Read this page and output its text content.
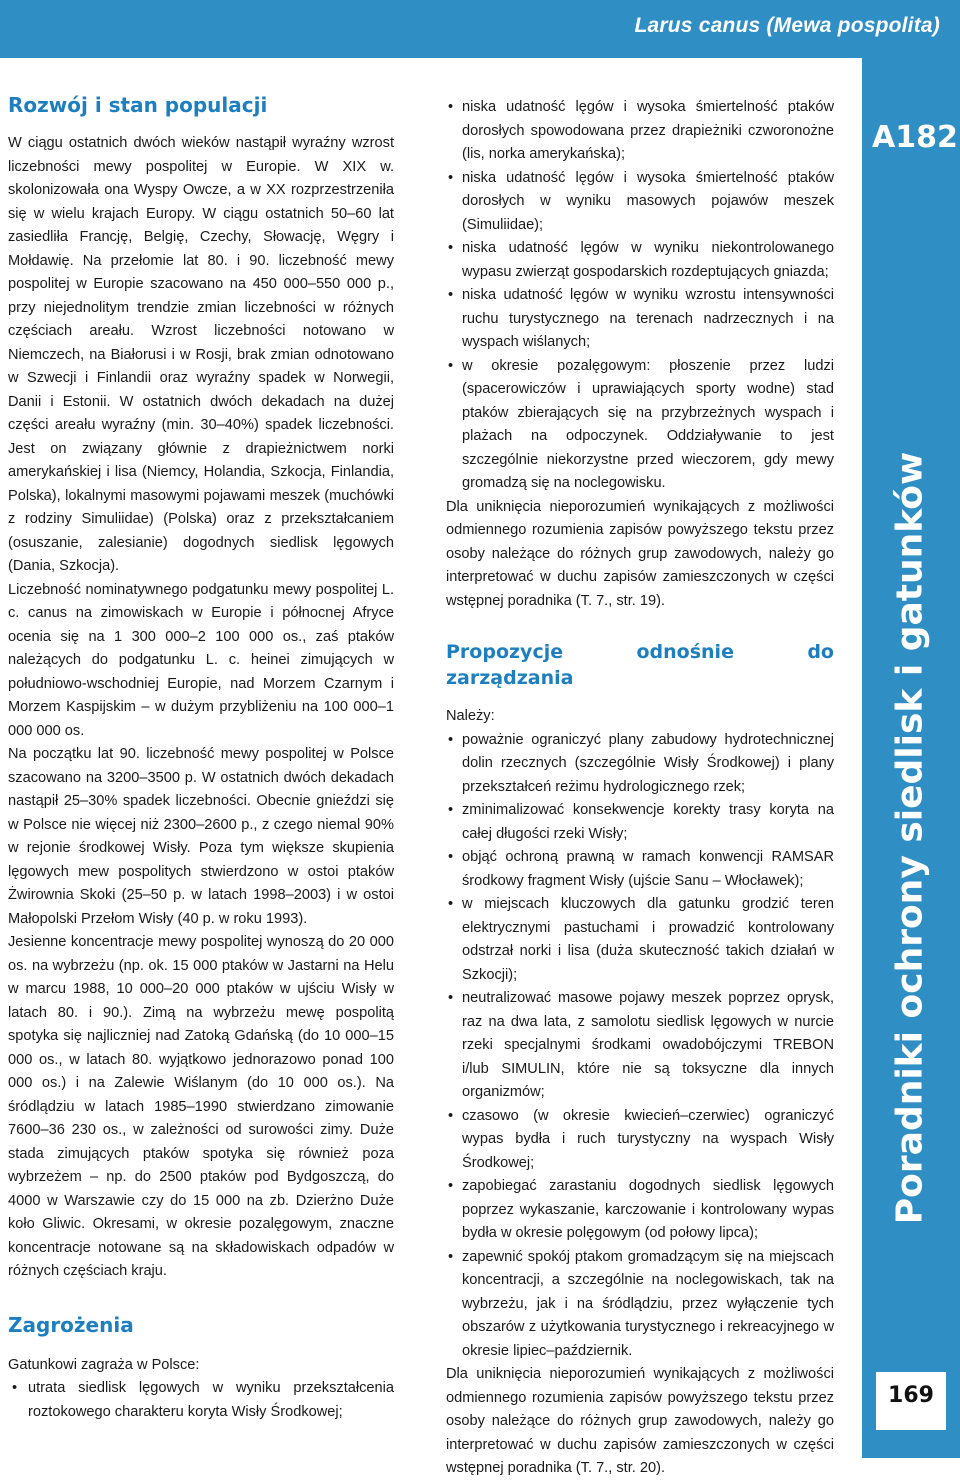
Larus canus (Mewa pospolita)
A182
Poradniki ochrony siedlisk i gatunków
169
Rozwój i stan populacji

W ciągu ostatnich dwóch wieków nastąpił wyraźny wzrost liczebności mewy pospolitej w Europie. W XIX w. skolonizowała ona Wyspy Owcze, a w XX rozprzestrzeniła się w wielu krajach Europy. W ciągu ostatnich 50–60 lat zasiedliła Francję, Belgię, Czechy, Słowację, Węgry i Mołdawię. Na przełomie lat 80. i 90. liczebność mewy pospolitej w Europie szacowano na 450 000–550 000 p., przy niejednolitym trendzie zmian liczebności w różnych częściach areału. Wzrost liczebności notowano w Niemczech, na Białorusi i w Rosji, brak zmian odnotowano w Szwecji i Finlandii oraz wyraźny spadek w Norwegii, Danii i Estonii. W ostatnich dwóch dekadach na dużej części areału wyraźny (min. 30–40%) spadek liczebności. Jest on związany głównie z drapieżnictwem norki amerykańskiej i lisa (Niemcy, Holandia, Szkocja, Finlandia, Polska), lokalnymi masowymi pojawami meszek (muchówki z rodziny Simuliidae) (Polska) oraz z przekształcaniem (osuszanie, zalesianie) dogodnych siedlisk lęgowych (Dania, Szkocja).

Liczebność nominatywnego podgatunku mewy pospolitej L. c. canus na zimowiskach w Europie i północnej Afryce ocenia się na 1 300 000–2 100 000 os., zaś ptaków należących do podgatunku L. c. heinei zimujących w południowo-wschodniej Europie, nad Morzem Czarnym i Morzem Kaspijskim – w dużym przybliżeniu na 100 000–1 000 000 os.

Na początku lat 90. liczebność mewy pospolitej w Polsce szacowano na 3200–3500 p. W ostatnich dwóch dekadach nastąpił 25–30% spadek liczebności. Obecnie gnieździ się w Polsce nie więcej niż 2300–2600 p., z czego niemal 90% w rejonie środkowej Wisły. Poza tym większe skupienia lęgowych mew pospolitych stwierdzono w ostoi ptaków Żwirownia Skoki (25–50 p. w latach 1998–2003) i w ostoi Małopolski Przełom Wisły (40 p. w roku 1993).

Jesienne koncentracje mewy pospolitej wynoszą do 20 000 os. na wybrzeżu (np. ok. 15 000 ptaków w Jastarni na Helu w marcu 1988, 10 000–20 000 ptaków w ujściu Wisły w latach 80. i 90.). Zimą na wybrzeżu mewę pospolitą spotyka się najliczniej nad Zatoką Gdańską (do 10 000–15 000 os., w latach 80. wyjątkowo jednorazowo ponad 100 000 os.) i na Zalewie Wiślanym (do 10 000 os.). Na śródlądziu w latach 1985–1990 stwierdzano zimowanie 7600–36 230 os., w zależności od surowości zimy. Duże stada zimujących ptaków spotyka się również poza wybrzeżem – np. do 2500 ptaków pod Bydgoszczą, do 4000 w Warszawie czy do 15 000 na zb. Dzierżno Duże koło Gliwic. Okresami, w okresie pozalęgowym, znaczne koncentracje notowane są na składowiskach odpadów w różnych częściach kraju.

Zagrożenia

Gatunkowi zagraża w Polsce:

• utrata siedlisk lęgowych w wyniku przekształcenia roztokowego charakteru koryta Wisły Środkowej;
• niska udatność lęgów i wysoka śmiertelność ptaków dorosłych spowodowana przez drapieżniki czworonożne (lis, norka amerykańska);
• niska udatność lęgów i wysoka śmiertelność ptaków dorosłych w wyniku masowych pojawów meszek (Simuliidae);
• niska udatność lęgów w wyniku niekontrolowanego wypasu zwierząt gospodarskich rozdeptujących gniazda;
• niska udatność lęgów w wyniku wzrostu intensywności ruchu turystycznego na terenach nadrzecznych i na wyspach wiślanych;
• w okresie pozalęgowym: płoszenie przez ludzi (spacerowiczów i uprawiających sporty wodne) stad ptaków zbierających się na przybrzeżnych wyspach i plażach na odpoczynek. Oddziaływanie to jest szczególnie niekorzystne przed wieczorem, gdy mewy gromadzą się na noclegowisku.

Dla uniknięcia nieporozumień wynikających z możliwości odmiennego rozumienia zapisów powyższego tekstu przez osoby należące do różnych grup zawodowych, należy go interpretować w duchu zapisów zamieszczonych w części wstępnej poradnika (T. 7., str. 19).

Propozycje odnośnie do zarządzania

Należy:

• poważnie ograniczyć plany zabudowy hydrotechnicznej dolin rzecznych (szczególnie Wisły Środkowej) i plany przekształceń reżimu hydrologicznego rzek;
• zminimalizować konsekwencje korekty trasy koryta na całej długości rzeki Wisły;
• objąć ochroną prawną w ramach konwencji RAMSAR środkowy fragment Wisły (ujście Sanu – Włocławek);
• w miejscach kluczowych dla gatunku grodzić teren elektrycznymi pastuchami i prowadzić kontrolowany odstrzał norki i lisa (duża skuteczność takich działań w Szkocji);
• neutralizować masowe pojawy meszek poprzez oprysk, raz na dwa lata, z samolotu siedlisk lęgowych w nurcie rzeki specjalnymi środkami owadobójczymi TREBON i/lub SIMULIN, które nie są toksyczne dla innych organizmów;
• czasowo (w okresie kwiecień–czerwiec) ograniczyć wypas bydła i ruch turystyczny na wyspach Wisły Środkowej;
• zapobiegać zarastaniu dogodnych siedlisk lęgowych poprzez wykaszanie, karczowanie i kontrolowany wypas bydła w okresie polęgowym (od połowy lipca);
• zapewnić spokój ptakom gromadzącym się na miejscach koncentracji, a szczególnie na noclegowiskach, tak na wybrzeżu, jak i na śródlądziu, przez wyłączenie tych obszarów z użytkowania turystycznego i rekreacyjnego w okresie lipiec–październik.

Dla uniknięcia nieporozumień wynikających z możliwości odmiennego rozumienia zapisów powyższego tekstu przez osoby należące do różnych grup zawodowych, należy go interpretować w duchu zapisów zamieszczonych w części wstępnej poradnika (T. 7., str. 20).
